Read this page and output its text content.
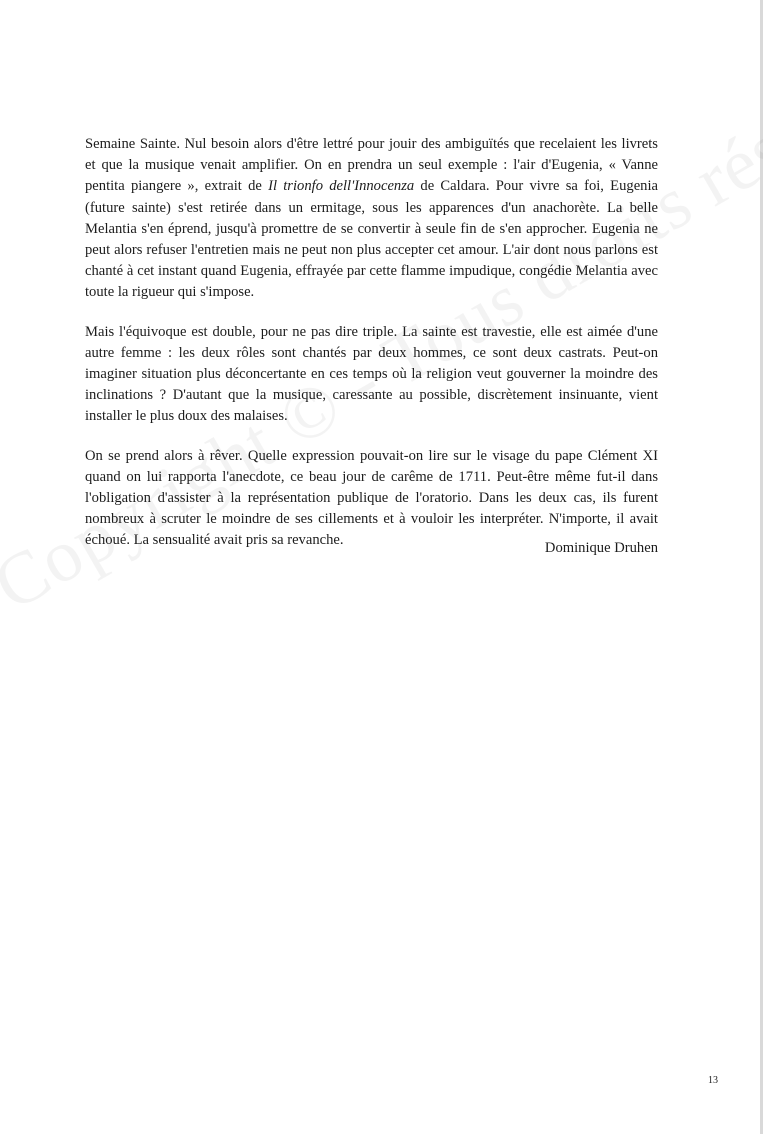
Semaine Sainte. Nul besoin alors d'être lettré pour jouir des ambiguïtés que recelaient les livrets et que la musique venait amplifier. On en prendra un seul exemple : l'air d'Eugenia, « Vanne pentita piangere », extrait de Il trionfo dell'Innocenza de Caldara. Pour vivre sa foi, Eugenia (future sainte) s'est retirée dans un ermitage, sous les apparences d'un anachorète. La belle Melantia s'en éprend, jusqu'à promettre de se convertir à seule fin de s'en approcher. Eugenia ne peut alors refuser l'entretien mais ne peut non plus accepter cet amour. L'air dont nous parlons est chanté à cet instant quand Eugenia, effrayée par cette flamme impudique, congédie Melantia avec toute la rigueur qui s'impose.

Mais l'équivoque est double, pour ne pas dire triple. La sainte est travestie, elle est aimée d'une autre femme : les deux rôles sont chantés par deux hommes, ce sont deux castrats. Peut-on imaginer situation plus déconcertante en ces temps où la religion veut gouverner la moindre des inclinations ? D'autant que la musique, caressante au possible, discrètement insinuante, vient installer le plus doux des malaises.

On se prend alors à rêver. Quelle expression pouvait-on lire sur le visage du pape Clément XI quand on lui rapporta l'anecdote, ce beau jour de carême de 1711. Peut-être même fut-il dans l'obligation d'assister à la représentation publique de l'oratorio. Dans les deux cas, ils furent nombreux à scruter le moindre de ses cillements et à vouloir les interpréter. N'importe, il avait échoué. La sensualité avait pris sa revanche.	Dominique Druhen
13
